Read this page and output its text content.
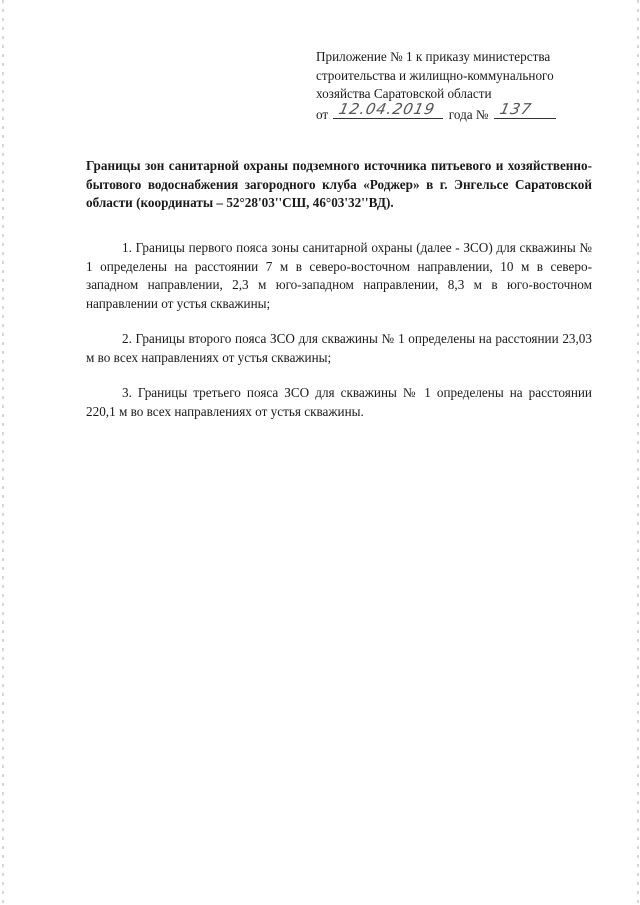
Приложение № 1 к приказу министерства
строительства и жилищно-коммунального
хозяйства Саратовской области
от 12.04.2019 года № 137
Границы зон санитарной охраны подземного источника питьевого и хозяйственно-бытового водоснабжения загородного клуба «Роджер» в г. Энгельсе Саратовской области (координаты – 52°28'03''СШ, 46°03'32''ВД).

1. Границы первого пояса зоны санитарной охраны (далее - ЗСО) для скважины № 1 определены на расстоянии 7 м в северо-восточном направлении, 10 м в северо-западном направлении, 2,3 м юго-западном направлении, 8,3 м в юго-восточном направлении от устья скважины;

2. Границы второго пояса ЗСО для скважины № 1 определены на расстоянии 23,03 м во всех направлениях от устья скважины;

3. Границы третьего пояса ЗСО для скважины № 1 определены на расстоянии 220,1 м во всех направлениях от устья скважины.
